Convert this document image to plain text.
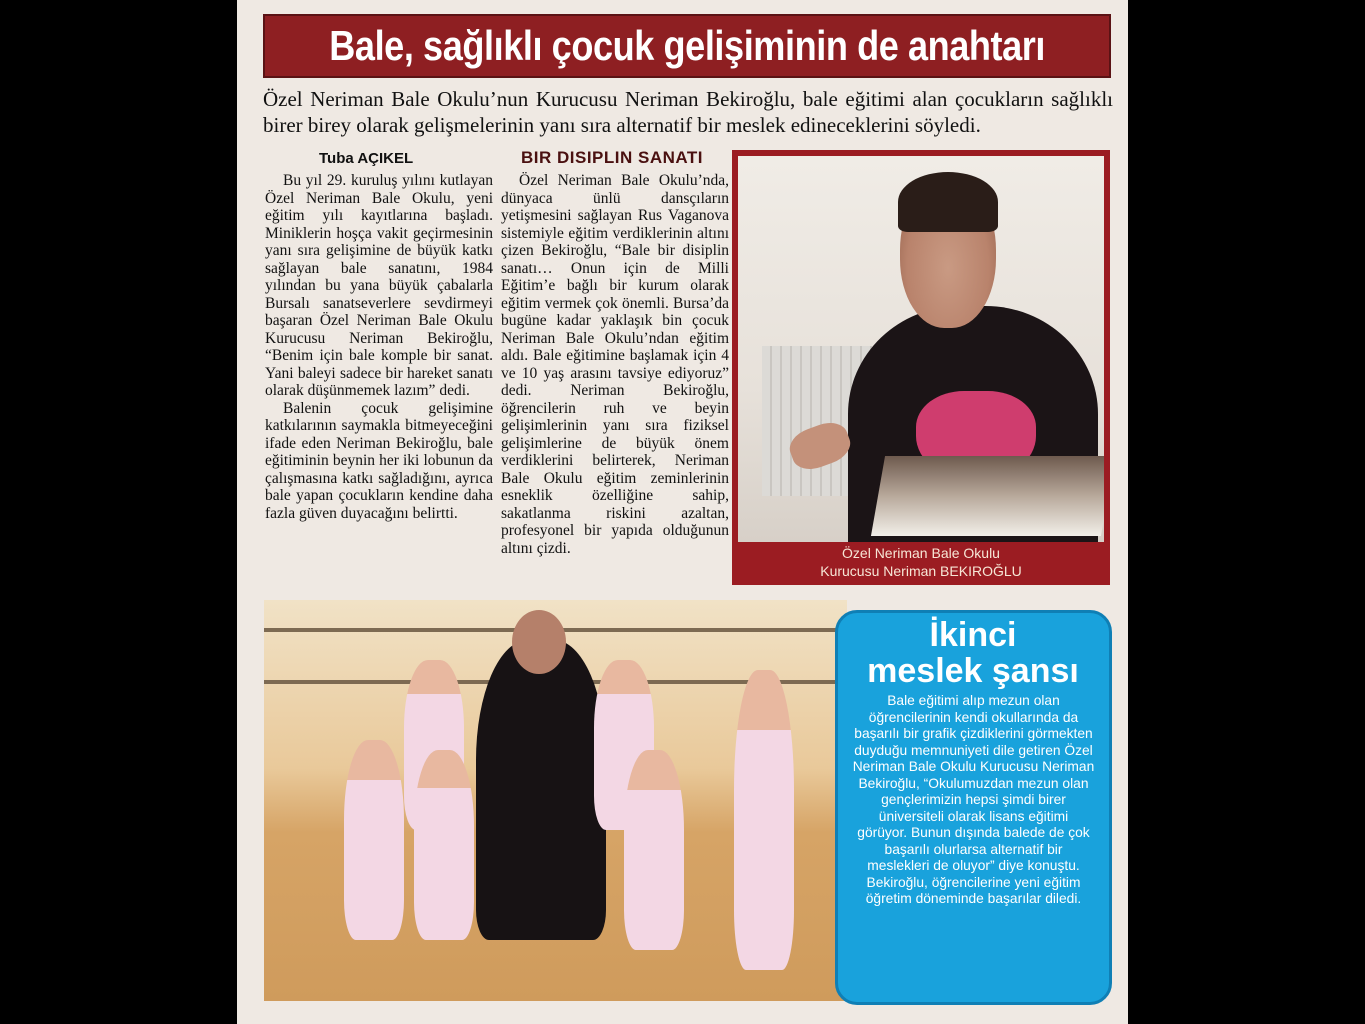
Bale, sağlıklı çocuk gelişiminin de anahtarı
Özel Neriman Bale Okulu’nun Kurucusu Neriman Bekiroğlu, bale eğitimi alan çocukların sağlıklı birer birey olarak gelişmelerinin yanı sıra alternatif bir meslek edineceklerini söyledi.
Tuba AÇIKEL	BIR DISIPLIN SANATI

Bu yıl 29. kuruluş yılını kutlayan Özel Neriman Bale Okulu, yeni eğitim yılı kayıtlarına başladı. Miniklerin hoşça vakit geçirmesinin yanı sıra gelişimine de büyük katkı sağlayan bale sanatını, 1984 yılından bu yana büyük çabalarla Bursalı sanatseverlere sevdirmeyi başaran Özel Neriman Bale Okulu Kurucusu Neriman Bekiroğlu, “Benim için bale komple bir sanat. Yani baleyi sadece bir hareket sanatı olarak düşünmemek lazım” dedi.

Balenin çocuk gelişimine katkılarının saymakla bitmeyeceğini ifade eden Neriman Bekiroğlu, bale eğitiminin beynin her iki lobunun da çalışmasına katkı sağladığını, ayrıca bale yapan çocukların kendine daha fazla güven duyacağını belirtti.

Özel Neriman Bale Okulu’nda, dünyaca ünlü dansçıların yetişmesini sağlayan Rus Vaganova sistemiyle eğitim verdiklerinin altını çizen Bekiroğlu, “Bale bir disiplin sanatı… Onun için de Milli Eğitim’e bağlı bir kurum olarak eğitim vermek çok önemli. Bursa’da bugüne kadar yaklaşık bin çocuk Neriman Bale Okulu’ndan eğitim aldı. Bale eğitimine başlamak için 4 ve 10 yaş arasını tavsiye ediyoruz” dedi. Neriman Bekiroğlu, öğrencilerin ruh ve beyin gelişimlerinin yanı sıra fiziksel gelişimlerine de büyük önem verdiklerini belirterek, Neriman Bale Okulu eğitim zeminlerinin esneklik özelliğine sahip, sakatlanma riskini azaltan, profesyonel bir yapıda olduğunun altını çizdi.	Özel Neriman Bale Okulu
Kurucusu Neriman BEKIROĞLU
İkinci
meslek şansı

Bale eğitimi alıp mezun olan öğrencilerinin kendi okullarında da başarılı bir grafik çizdiklerini görmekten duyduğu memnuniyeti dile getiren Özel Neriman Bale Okulu Kurucusu Neriman Bekiroğlu, “Okulumuzdan mezun olan gençlerimizin hepsi şimdi birer üniversiteli olarak lisans eğitimi görüyor. Bunun dışında balede de çok başarılı olurlarsa alternatif bir meslekleri de oluyor” diye konuştu. Bekiroğlu, öğrencilerine yeni eğitim öğretim döneminde başarılar diledi.
